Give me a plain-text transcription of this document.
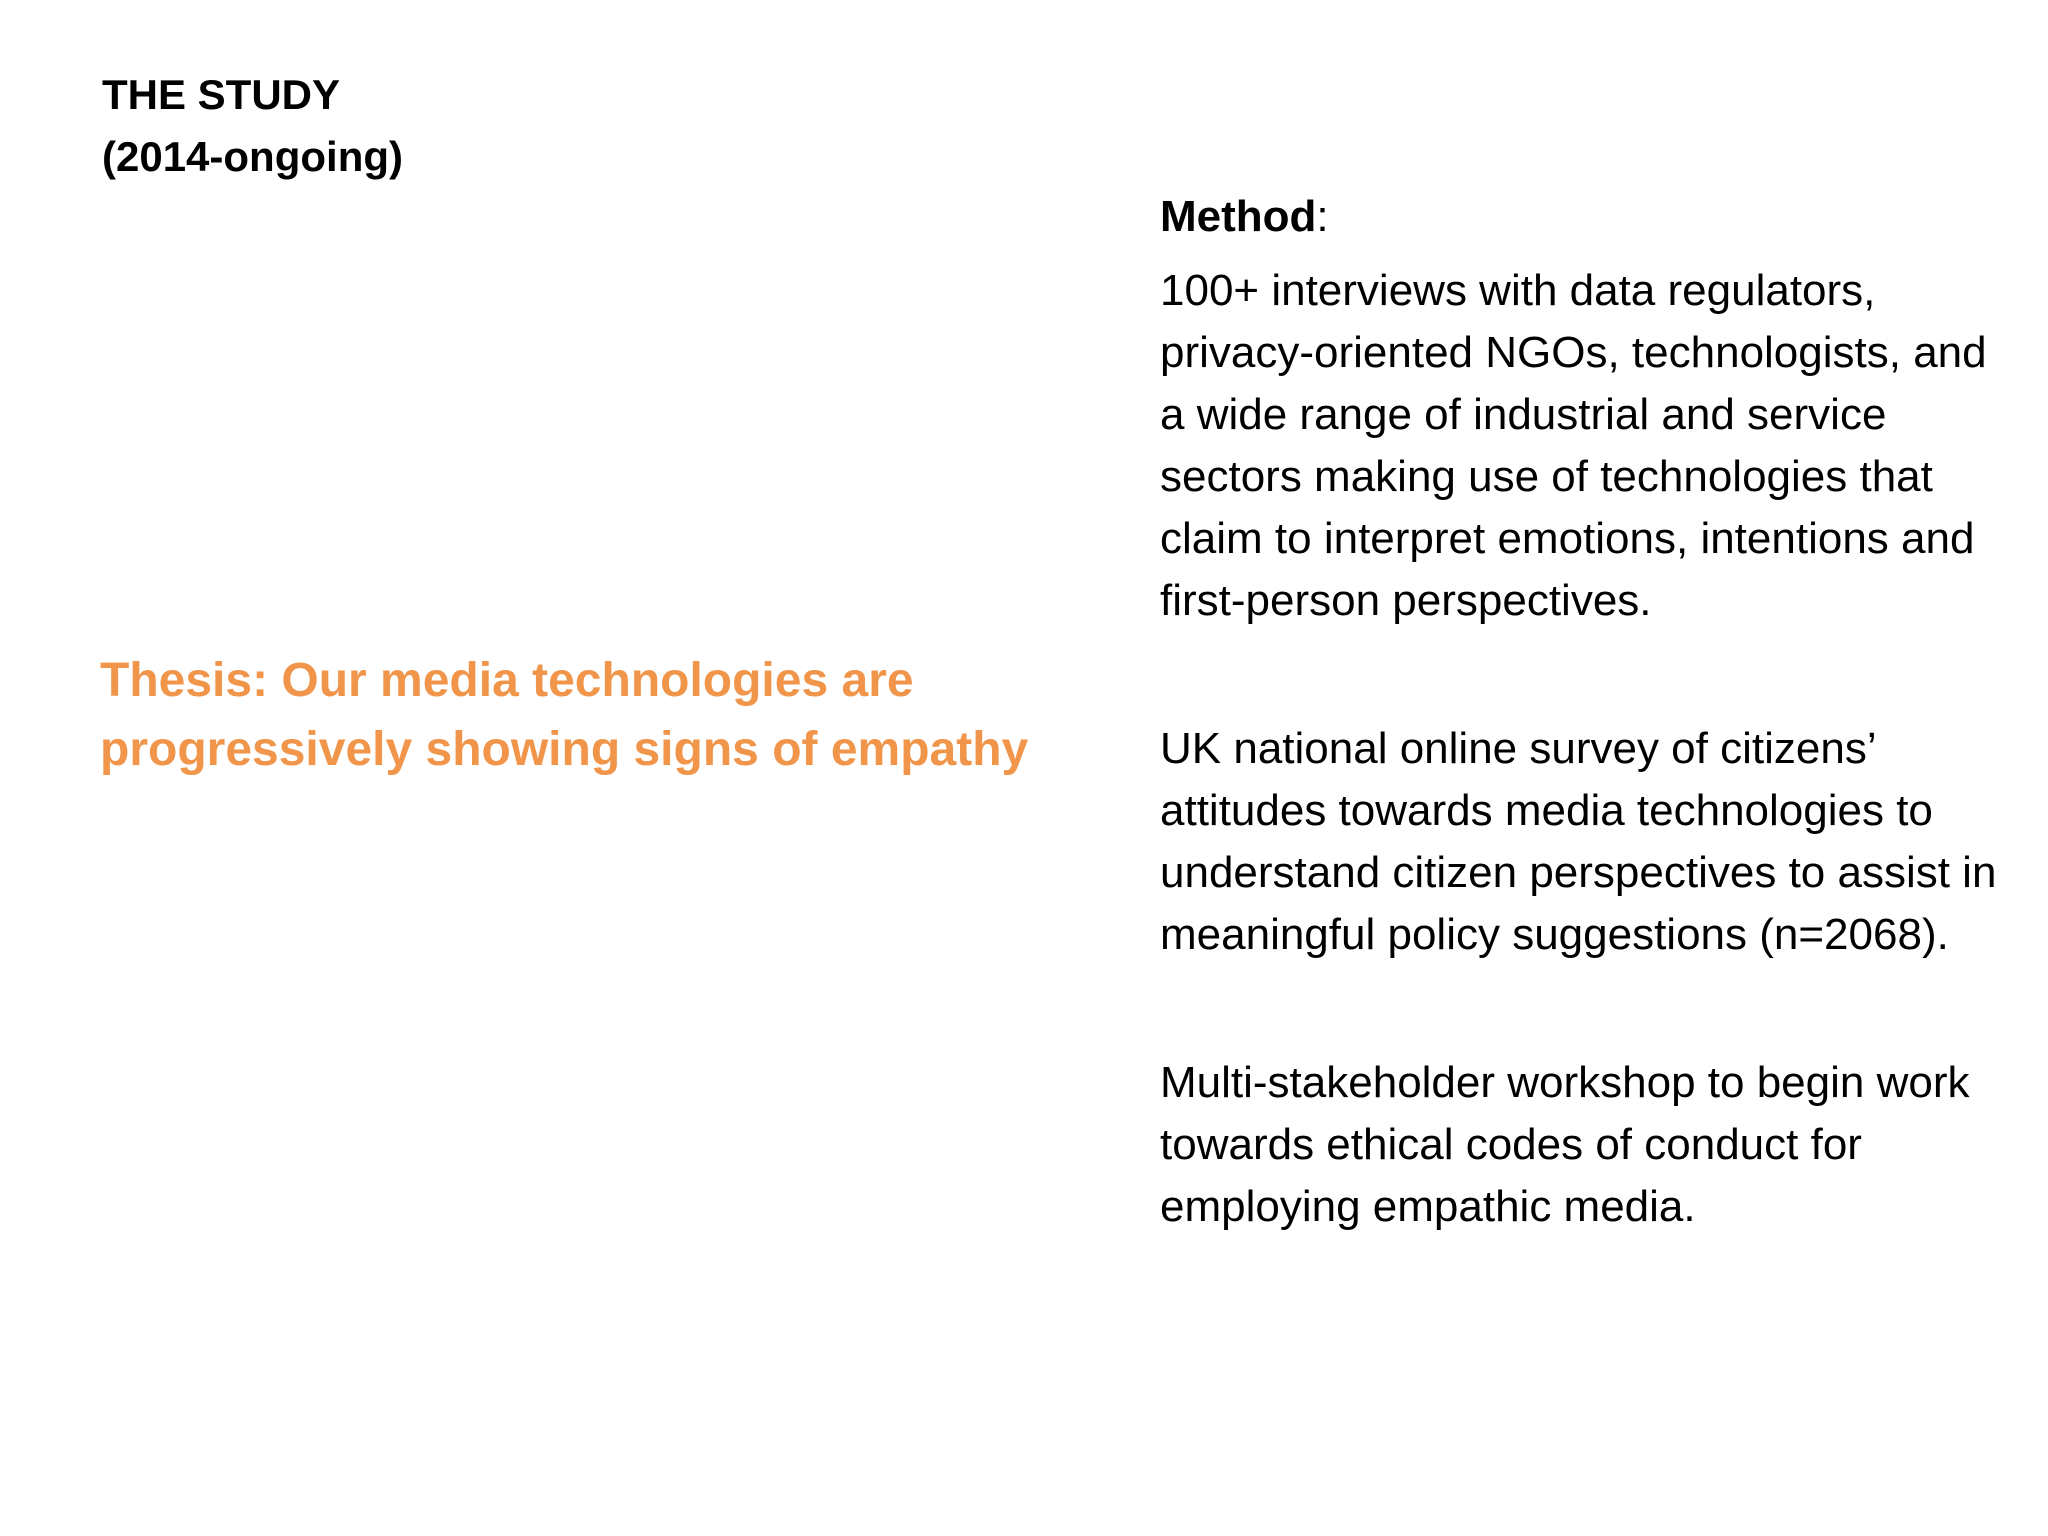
THE STUDY
(2014-ongoing)
Thesis: Our media technologies are progressively showing signs of empathy

Method:

100+ interviews with data regulators, privacy-oriented NGOs, technologists, and a wide range of industrial and service sectors making use of technologies that claim to interpret emotions, intentions and first-person perspectives.

UK national online survey of citizens’ attitudes towards media technologies to understand citizen perspectives to assist in meaningful policy suggestions (n=2068).

Multi-stakeholder workshop to begin work towards ethical codes of conduct for employing empathic media.
